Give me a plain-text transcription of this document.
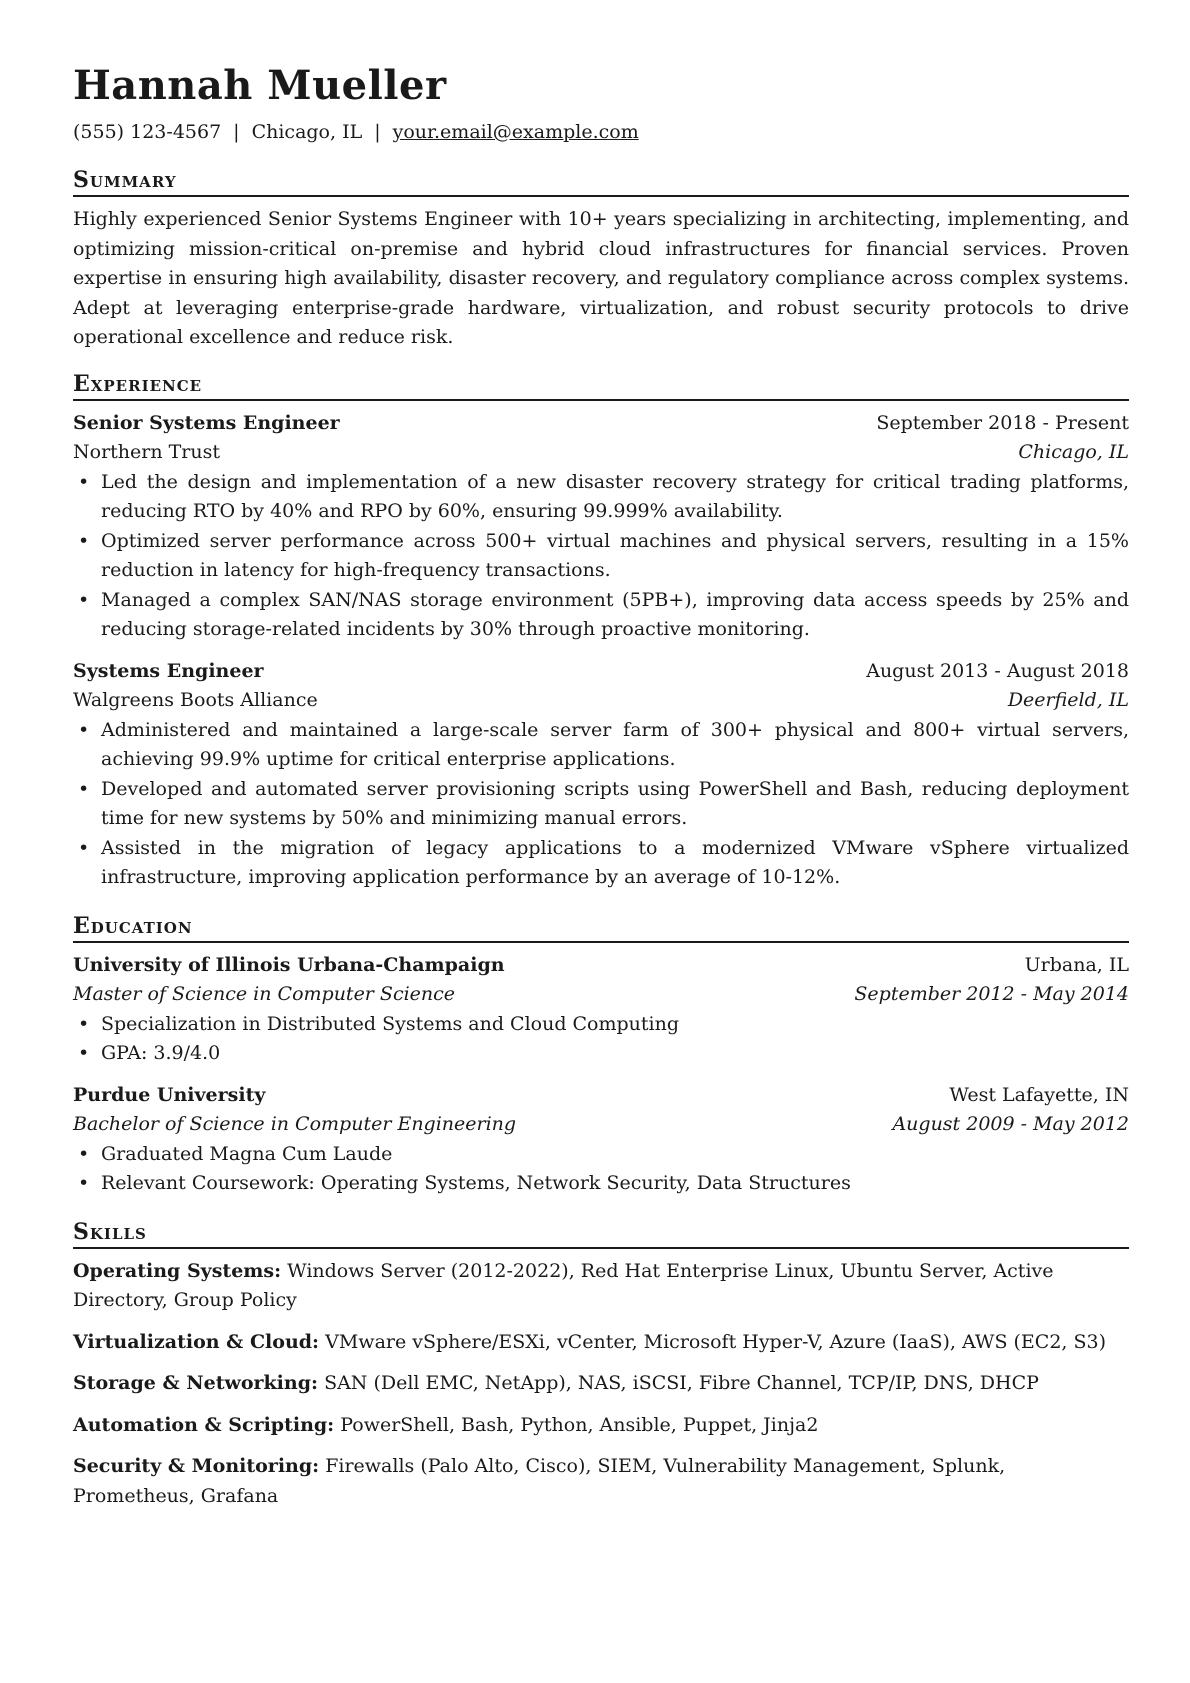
Hannah Mueller
(555) 123-4567 | Chicago, IL | your.email@example.com
Summary

Highly experienced Senior Systems Engineer with 10+ years specializing in architecting, implementing, and optimizing mission-critical on-premise and hybrid cloud infrastructures for financial services. Proven expertise in ensuring high availability, disaster recovery, and regulatory compliance across complex systems. Adept at leveraging enterprise-grade hardware, virtualization, and robust security protocols to drive operational excellence and reduce risk.

Experience
Senior Systems Engineer	September 2018 - Present
Northern Trust	Chicago, IL
• Led the design and implementation of a new disaster recovery strategy for critical trading platforms, reducing RTO by 40% and RPO by 60%, ensuring 99.999% availability.
• Optimized server performance across 500+ virtual machines and physical servers, resulting in a 15% reduction in latency for high-frequency transactions.
• Managed a complex SAN/NAS storage environment (5PB+), improving data access speeds by 25% and reducing storage-related incidents by 30% through proactive monitoring.
Systems Engineer	August 2013 - August 2018
Walgreens Boots Alliance	Deerfield, IL
• Administered and maintained a large-scale server farm of 300+ physical and 800+ virtual servers, achieving 99.9% uptime for critical enterprise applications.
• Developed and automated server provisioning scripts using PowerShell and Bash, reducing deployment time for new systems by 50% and minimizing manual errors.
• Assisted in the migration of legacy applications to a modernized VMware vSphere virtualized infrastructure, improving application performance by an average of 10-12%.
Education
University of Illinois Urbana-Champaign	Urbana, IL
Master of Science in Computer Science	September 2012 - May 2014
• Specialization in Distributed Systems and Cloud Computing
• GPA: 3.9/4.0
Purdue University	West Lafayette, IN
Bachelor of Science in Computer Engineering	August 2009 - May 2012
• Graduated Magna Cum Laude
• Relevant Coursework: Operating Systems, Network Security, Data Structures
Skills
Operating Systems: Windows Server (2012-2022), Red Hat Enterprise Linux, Ubuntu Server, Active Directory, Group Policy
Virtualization & Cloud: VMware vSphere/ESXi, vCenter, Microsoft Hyper-V, Azure (IaaS), AWS (EC2, S3)
Storage & Networking: SAN (Dell EMC, NetApp), NAS, iSCSI, Fibre Channel, TCP/IP, DNS, DHCP
Automation & Scripting: PowerShell, Bash, Python, Ansible, Puppet, Jinja2
Security & Monitoring: Firewalls (Palo Alto, Cisco), SIEM, Vulnerability Management, Splunk, Prometheus, Grafana
